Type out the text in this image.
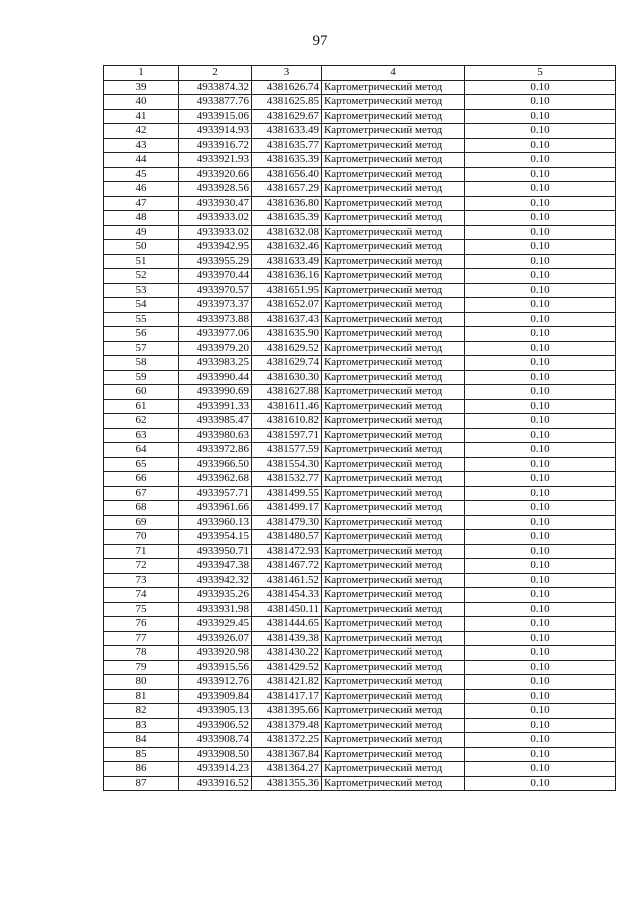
97
1	2	3	4	5
39	4933874.32	4381626.74	Картометрический метод	0.10
40	4933877.76	4381625.85	Картометрический метод	0.10
41	4933915.06	4381629.67	Картометрический метод	0.10
42	4933914.93	4381633.49	Картометрический метод	0.10
43	4933916.72	4381635.77	Картометрический метод	0.10
44	4933921.93	4381635.39	Картометрический метод	0.10
45	4933920.66	4381656.40	Картометрический метод	0.10
46	4933928.56	4381657.29	Картометрический метод	0.10
47	4933930.47	4381636.80	Картометрический метод	0.10
48	4933933.02	4381635.39	Картометрический метод	0.10
49	4933933.02	4381632.08	Картометрический метод	0.10
50	4933942.95	4381632.46	Картометрический метод	0.10
51	4933955.29	4381633.49	Картометрический метод	0.10
52	4933970.44	4381636.16	Картометрический метод	0.10
53	4933970.57	4381651.95	Картометрический метод	0.10
54	4933973.37	4381652.07	Картометрический метод	0.10
55	4933973.88	4381637.43	Картометрический метод	0.10
56	4933977.06	4381635.90	Картометрический метод	0.10
57	4933979.20	4381629.52	Картометрический метод	0.10
58	4933983.25	4381629.74	Картометрический метод	0.10
59	4933990.44	4381630.30	Картометрический метод	0.10
60	4933990.69	4381627.88	Картометрический метод	0.10
61	4933991.33	4381611.46	Картометрический метод	0.10
62	4933985.47	4381610.82	Картометрический метод	0.10
63	4933980.63	4381597.71	Картометрический метод	0.10
64	4933972.86	4381577.59	Картометрический метод	0.10
65	4933966.50	4381554.30	Картометрический метод	0.10
66	4933962.68	4381532.77	Картометрический метод	0.10
67	4933957.71	4381499.55	Картометрический метод	0.10
68	4933961.66	4381499.17	Картометрический метод	0.10
69	4933960.13	4381479.30	Картометрический метод	0.10
70	4933954.15	4381480.57	Картометрический метод	0.10
71	4933950.71	4381472.93	Картометрический метод	0.10
72	4933947.38	4381467.72	Картометрический метод	0.10
73	4933942.32	4381461.52	Картометрический метод	0.10
74	4933935.26	4381454.33	Картометрический метод	0.10
75	4933931.98	4381450.11	Картометрический метод	0.10
76	4933929.45	4381444.65	Картометрический метод	0.10
77	4933926.07	4381439.38	Картометрический метод	0.10
78	4933920.98	4381430.22	Картометрический метод	0.10
79	4933915.56	4381429.52	Картометрический метод	0.10
80	4933912.76	4381421.82	Картометрический метод	0.10
81	4933909.84	4381417.17	Картометрический метод	0.10
82	4933905.13	4381395.66	Картометрический метод	0.10
83	4933906.52	4381379.48	Картометрический метод	0.10
84	4933908.74	4381372.25	Картометрический метод	0.10
85	4933908.50	4381367.84	Картометрический метод	0.10
86	4933914.23	4381364.27	Картометрический метод	0.10
87	4933916.52	4381355.36	Картометрический метод	0.10
